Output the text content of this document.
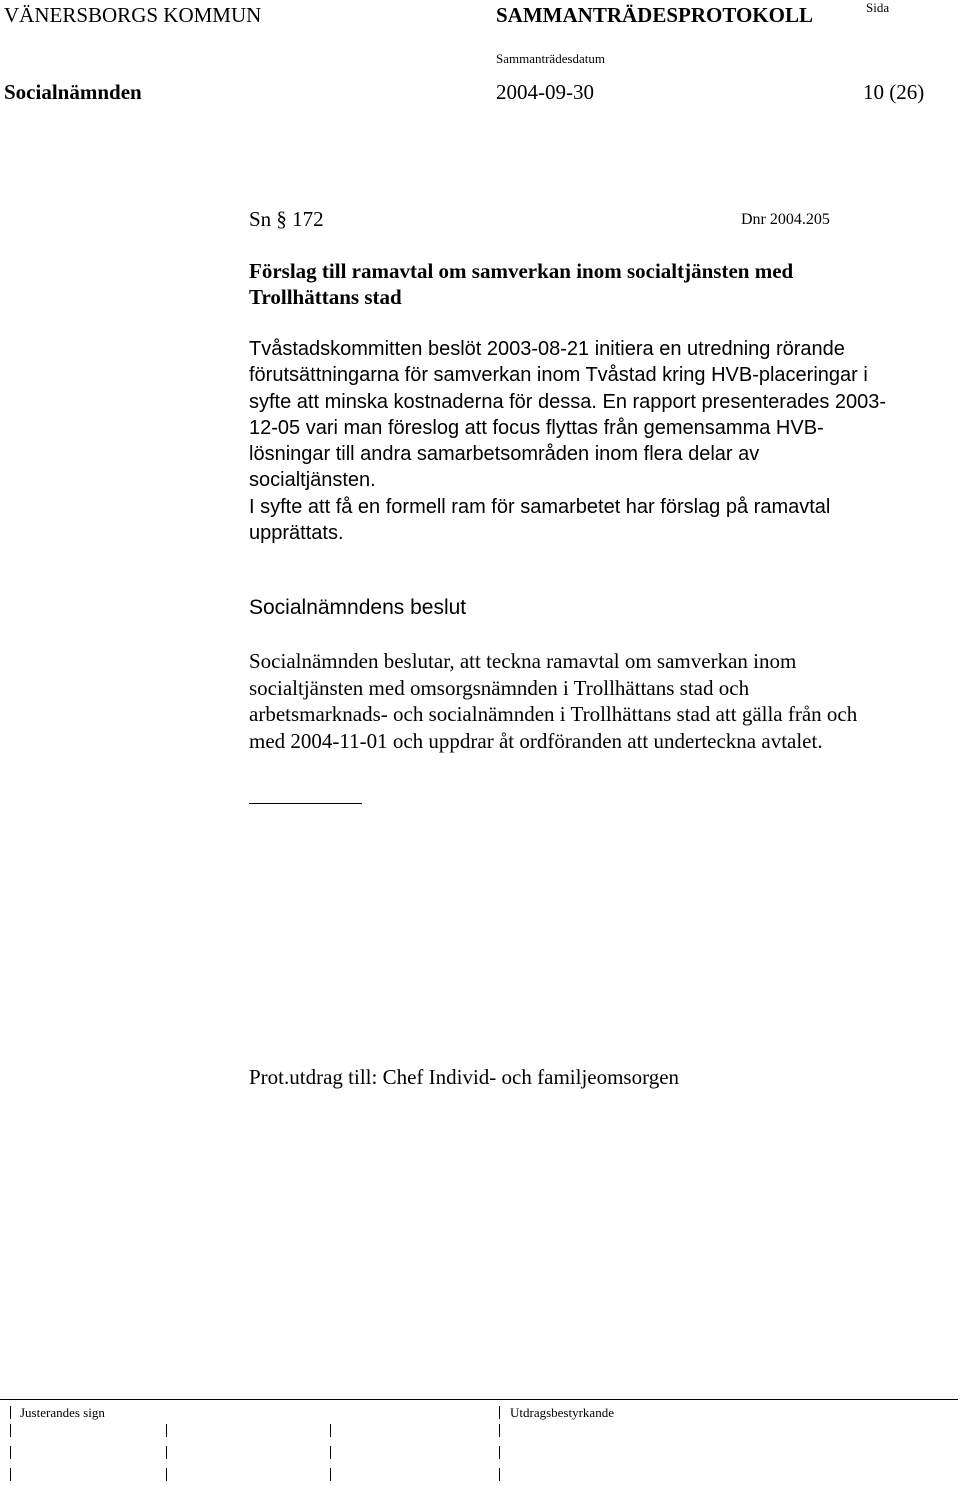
VÄNERSBORGS KOMMUN	SAMMANTRÄDESPROTOKOLL	Sida
Sammanträdesdatum
Socialnämnden	2004-09-30	10 (26)
Sn § 172	Dnr 2004.205
Förslag till ramavtal om samverkan inom socialtjänsten med Trollhättans stad
Tvåstadskommitten beslöt 2003-08-21 initiera en utredning rörande förutsättningarna för samverkan inom Tvåstad kring HVB-placeringar i syfte att minska kostnaderna för dessa. En rapport presenterades 2003-12-05 vari man föreslog att focus flyttas från gemensamma HVB-lösningar till andra samarbetsområden inom flera delar av socialtjänsten.
I syfte att få en formell ram för samarbetet har förslag på ramavtal upprättats.
Socialnämndens beslut
Socialnämnden beslutar, att teckna ramavtal om samverkan inom socialtjänsten med omsorgsnämnden i Trollhättans stad och arbetsmarknads- och socialnämnden i Trollhättans stad att gälla från och med 2004-11-01 och uppdrar åt ordföranden att underteckna avtalet.
Prot.utdrag till: Chef Individ- och familjeomsorgen
Justerandes sign	Utdragsbestyrkande
